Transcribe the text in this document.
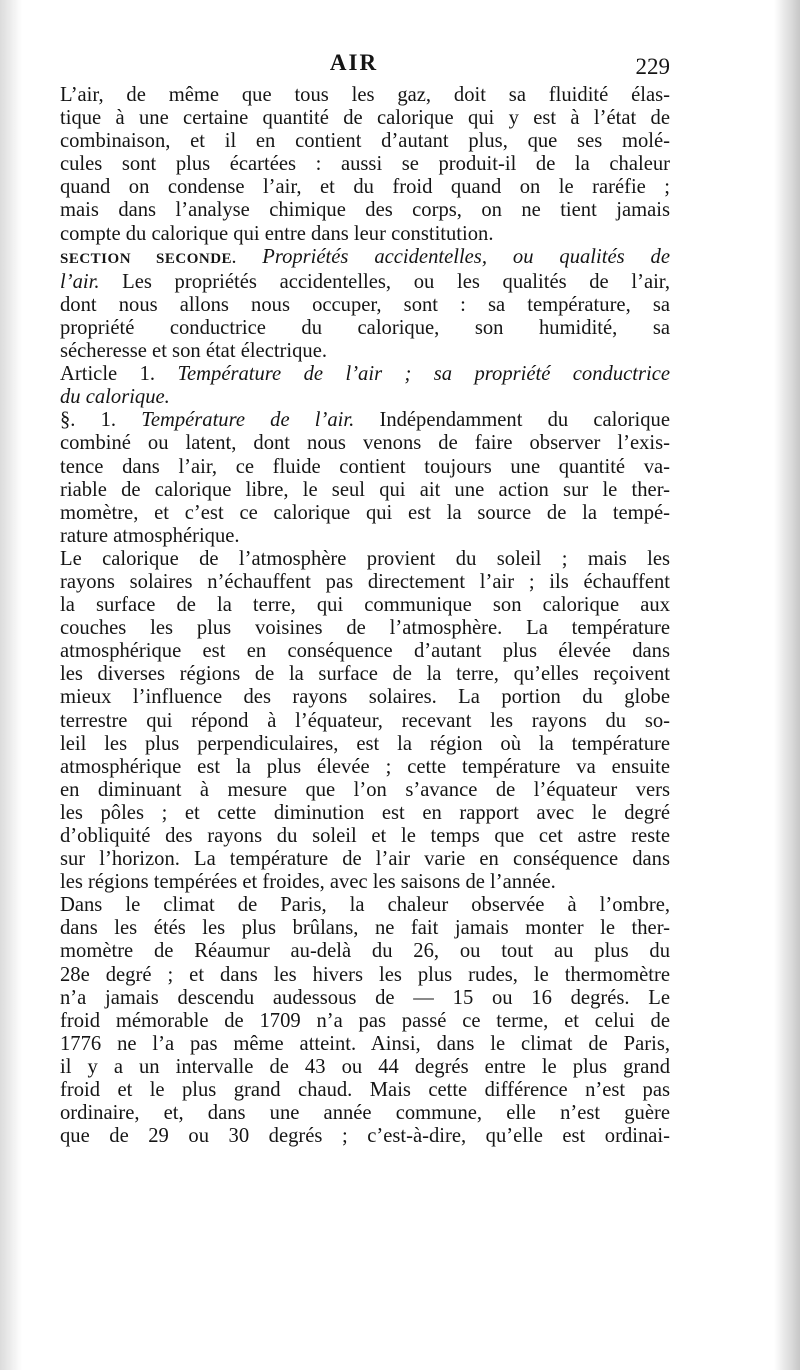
AIR	229

L’air, de même que tous les gaz, doit sa fluidité élas-
tique à une certaine quantité de calorique qui y est à l’état de
combinaison, et il en contient d’autant plus, que ses molé-
cules sont plus écartées : aussi se produit-il de la chaleur
quand on condense l’air, et du froid quand on le raréfie ;
mais dans l’analyse chimique des corps, on ne tient jamais
compte du calorique qui entre dans leur constitution.

SECTION SECONDE. Propriétés accidentelles, ou qualités de
l’air. Les propriétés accidentelles, ou les qualités de l’air,
dont nous allons nous occuper, sont : sa température, sa
propriété conductrice du calorique, son humidité, sa
sécheresse et son état électrique.

Article 1. Température de l’air ; sa propriété conductrice
du calorique.

§. 1. Température de l’air. Indépendamment du calorique
combiné ou latent, dont nous venons de faire observer l’exis-
tence dans l’air, ce fluide contient toujours une quantité va-
riable de calorique libre, le seul qui ait une action sur le ther-
momètre, et c’est ce calorique qui est la source de la tempé-
rature atmosphérique.

Le calorique de l’atmosphère provient du soleil ; mais les
rayons solaires n’échauffent pas directement l’air ; ils échauffent
la surface de la terre, qui communique son calorique aux
couches les plus voisines de l’atmosphère. La température
atmosphérique est en conséquence d’autant plus élevée dans
les diverses régions de la surface de la terre, qu’elles reçoivent
mieux l’influence des rayons solaires. La portion du globe
terrestre qui répond à l’équateur, recevant les rayons du so-
leil les plus perpendiculaires, est la région où la température
atmosphérique est la plus élevée ; cette température va ensuite
en diminuant à mesure que l’on s’avance de l’équateur vers
les pôles ; et cette diminution est en rapport avec le degré
d’obliquité des rayons du soleil et le temps que cet astre reste
sur l’horizon. La température de l’air varie en conséquence dans
les régions tempérées et froides, avec les saisons de l’année.

Dans le climat de Paris, la chaleur observée à l’ombre,
dans les étés les plus brûlans, ne fait jamais monter le ther-
momètre de Réaumur au-delà du 26, ou tout au plus du
28e degré ; et dans les hivers les plus rudes, le thermomètre
n’a jamais descendu audessous de — 15 ou 16 degrés. Le
froid mémorable de 1709 n’a pas passé ce terme, et celui de
1776 ne l’a pas même atteint. Ainsi, dans le climat de Paris,
il y a un intervalle de 43 ou 44 degrés entre le plus grand
froid et le plus grand chaud. Mais cette différence n’est pas
ordinaire, et, dans une année commune, elle n’est guère
que de 29 ou 30 degrés ; c’est-à-dire, qu’elle est ordinai-
